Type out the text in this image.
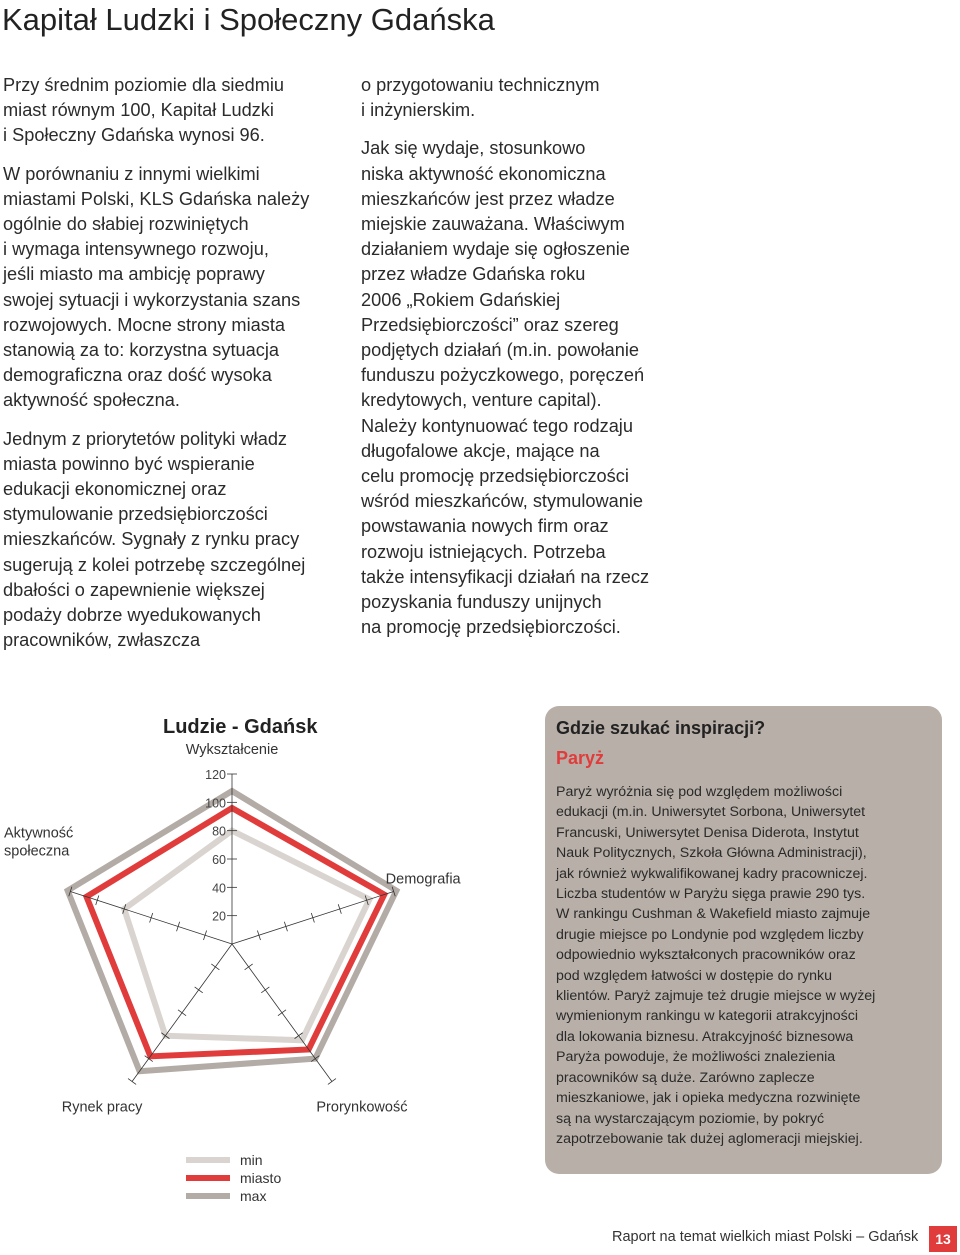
Kapitał Ludzki i Społeczny Gdańska

Przy średnim poziomie dla siedmiu
miast równym 100, Kapitał Ludzki
i Społeczny Gdańska wynosi 96.

W porównaniu z innymi wielkimi
miastami Polski, KLS Gdańska należy
ogólnie do słabiej rozwiniętych
i wymaga intensywnego rozwoju,
jeśli miasto ma ambicję poprawy
swojej sytuacji i wykorzystania szans
rozwojowych. Mocne strony miasta
stanowią za to: korzystna sytuacja
demograficzna oraz dość wysoka
aktywność społeczna.

Jednym z priorytetów polityki władz
miasta powinno być wspieranie
edukacji ekonomicznej oraz
stymulowanie przedsiębiorczości
mieszkańców. Sygnały z rynku pracy
sugerują z kolei potrzebę szczególnej
dbałości o zapewnienie większej
podaży dobrze wyedukowanych
pracowników, zwłaszcza

o przygotowaniu technicznym
i inżynierskim.

Jak się wydaje, stosunkowo
niska aktywność ekonomiczna
mieszkańców jest przez władze
miejskie zauważana. Właściwym
działaniem wydaje się ogłoszenie
przez władze Gdańska roku
2006 „Rokiem Gdańskiej
Przedsiębiorczości” oraz szereg
podjętych działań (m.in. powołanie
funduszu pożyczkowego, poręczeń
kredytowych, venture capital).
Należy kontynuować tego rodzaju
długofalowe akcje, mające na
celu promocję przedsiębiorczości
wśród mieszkańców, stymulowanie
powstawania nowych firm oraz
rozwoju istniejących. Potrzeba
także intensyfikacji działań na rzecz
pozyskania funduszy unijnych
na promocję przedsiębiorczości.

Ludzie - Gdańsk
20
40
60
80
100
120
Wykształcenie
Demografia
Prorynkowość
Rynek pracy
Aktywność społeczna
min
miasto
max
Gdzie szukać inspiracji?
Paryż

Paryż wyróżnia się pod względem możliwości
edukacji (m.in. Uniwersytet Sorbona, Uniwersytet
Francuski, Uniwersytet Denisa Diderota, Instytut
Nauk Politycznych, Szkoła Główna Administracji),
jak również wykwalifikowanej kadry pracowniczej.
Liczba studentów w Paryżu sięga prawie 290 tys.
W rankingu Cushman & Wakefield miasto zajmuje
drugie miejsce po Londynie pod względem liczby
odpowiednio wykształconych pracowników oraz
pod względem łatwości w dostępie do rynku
klientów. Paryż zajmuje też drugie miejsce w wyżej
wymienionym rankingu w kategorii atrakcyjności
dla lokowania biznesu. Atrakcyjność biznesowa
Paryża powoduje, że możliwości znalezienia
pracowników są duże. Zarówno zaplecze
mieszkaniowe, jak i opieka medyczna rozwinięte
są na wystarczającym poziomie, by pokryć
zapotrzebowanie tak dużej aglomeracji miejskiej.

Raport na temat wielkich miast Polski – Gdańsk	13
